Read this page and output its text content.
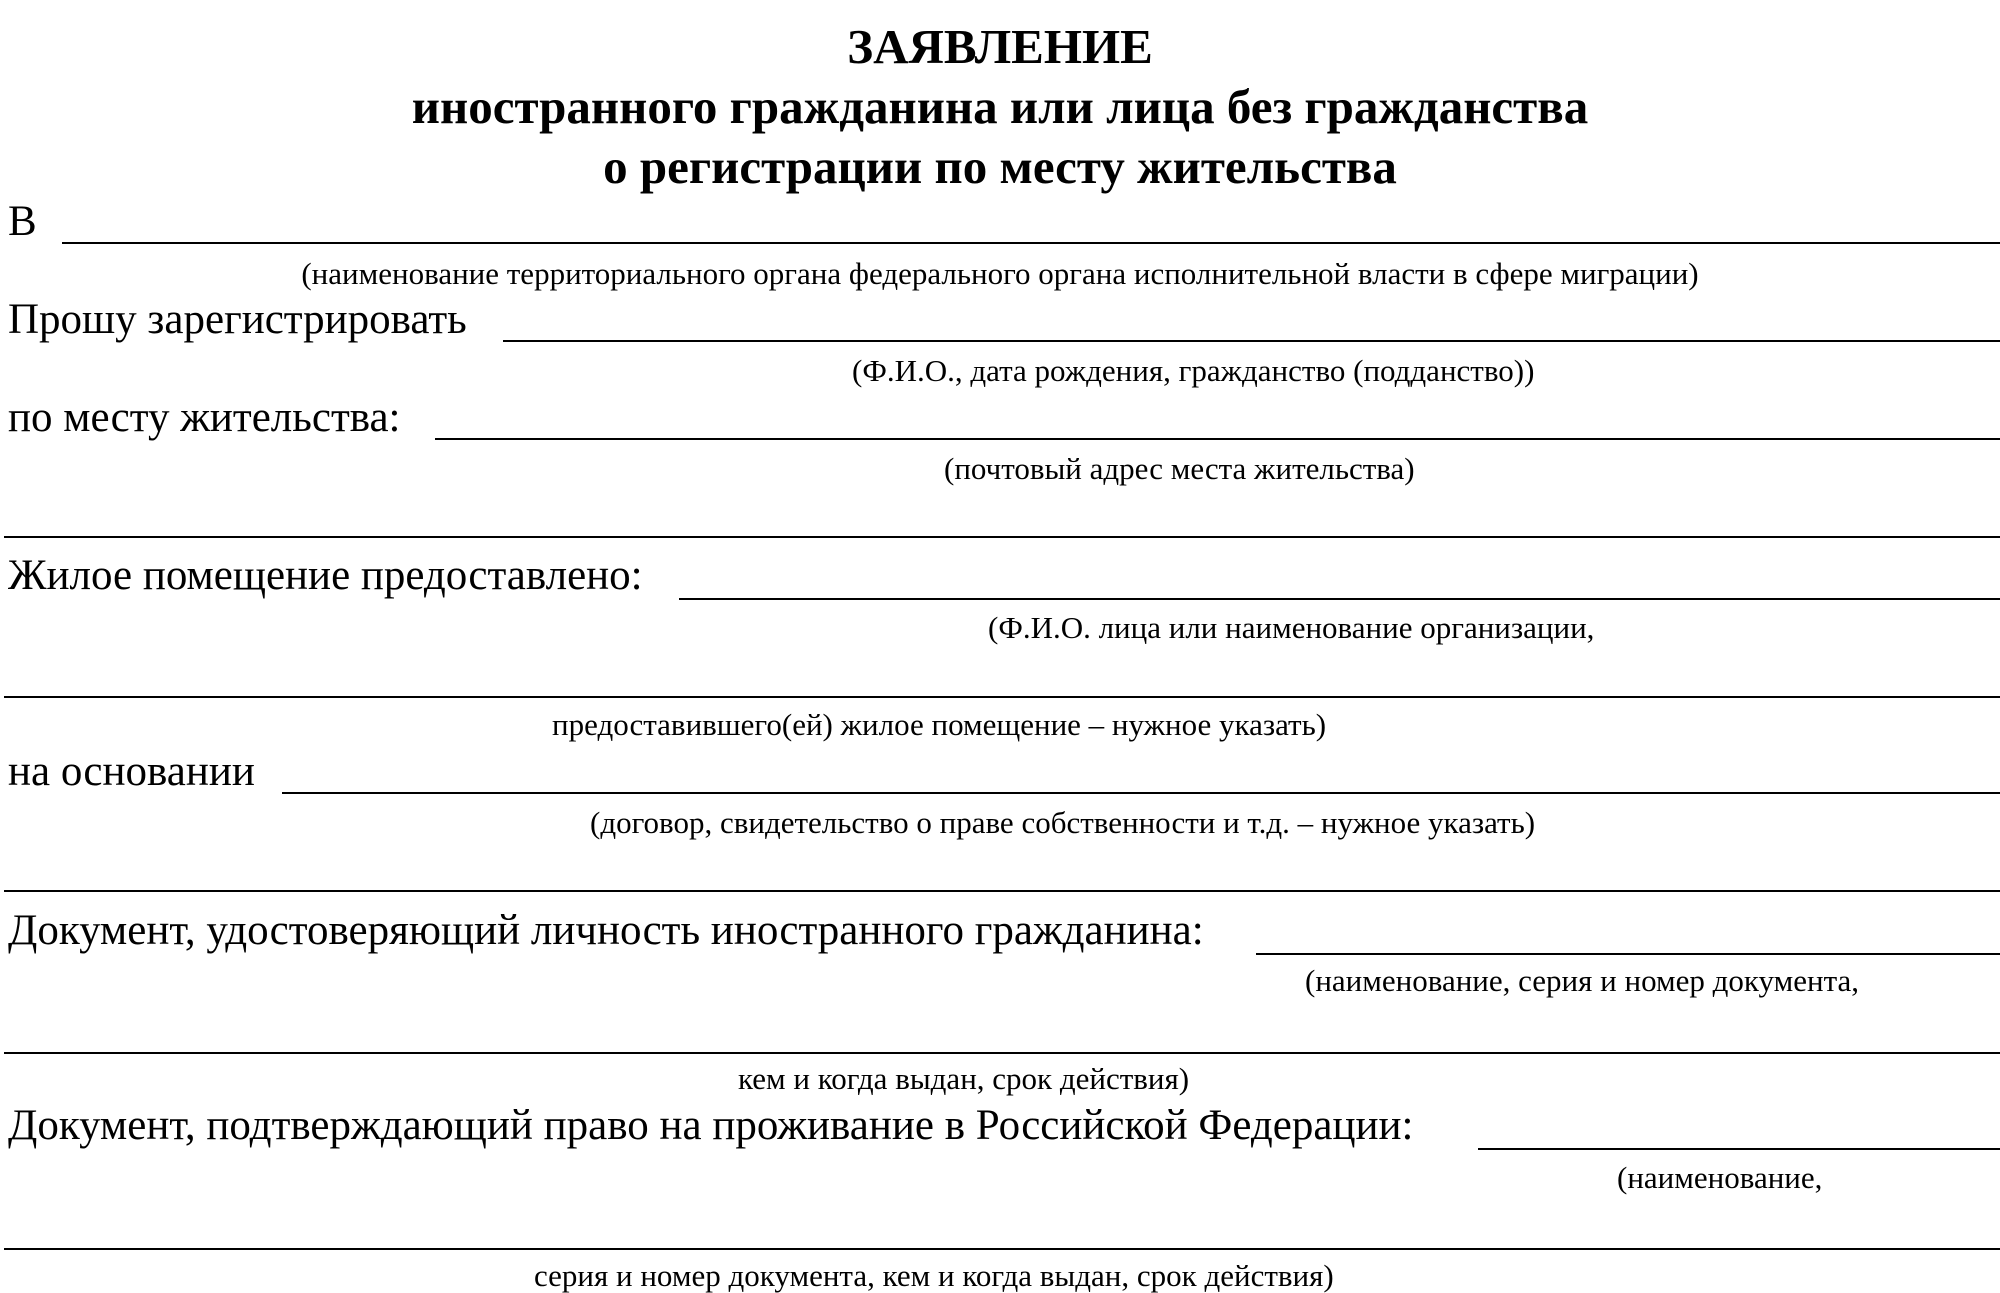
ЗАЯВЛЕНИЕ
иностранного гражданина или лица без гражданства
о регистрации по месту жительства
В
(наименование территориального органа федерального органа исполнительной власти в сфере миграции)
Прошу зарегистрировать
(Ф.И.О., дата рождения, гражданство (подданство))
по месту жительства:
(почтовый адрес места жительства)
Жилое помещение предоставлено:
(Ф.И.О. лица или наименование организации,
предоставившего(ей) жилое помещение – нужное указать)
на основании
(договор, свидетельство о праве собственности и т.д. – нужное указать)
Документ, удостоверяющий личность иностранного гражданина:
(наименование, серия и номер документа,
кем и когда выдан, срок действия)
Документ, подтверждающий право на проживание в Российской Федерации:
(наименование,
серия и номер документа, кем и когда выдан, срок действия)
